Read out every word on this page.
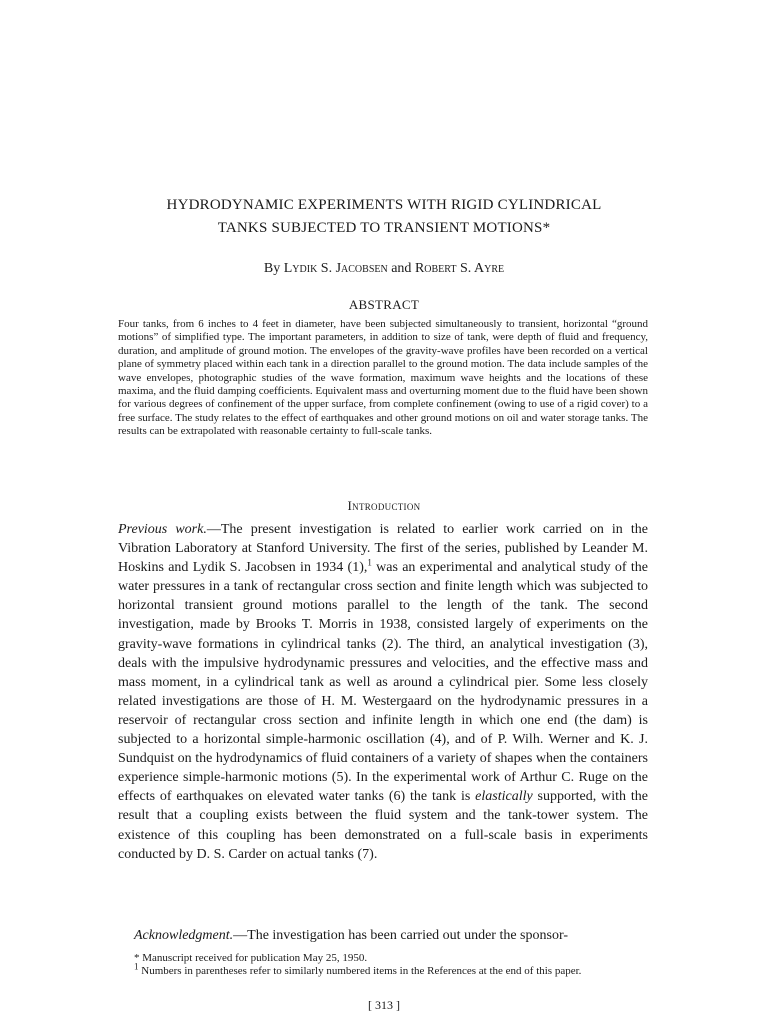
HYDRODYNAMIC EXPERIMENTS WITH RIGID CYLINDRICAL
TANKS SUBJECTED TO TRANSIENT MOTIONS*
By Lydik S. Jacobsen and Robert S. Ayre
ABSTRACT

Four tanks, from 6 inches to 4 feet in diameter, have been subjected simultaneously to transient, horizontal “ground motions” of simplified type. The important parameters, in addition to size of tank, were depth of fluid and frequency, duration, and amplitude of ground motion. The envelopes of the gravity-wave profiles have been recorded on a vertical plane of symmetry placed within each tank in a direction parallel to the ground motion. The data include samples of the wave envelopes, photographic studies of the wave formation, maximum wave heights and the locations of these maxima, and the fluid damping coefficients. Equivalent mass and overturning moment due to the fluid have been shown for various degrees of confinement of the upper surface, from complete confinement (owing to use of a rigid cover) to a free surface. The study relates to the effect of earthquakes and other ground motions on oil and water storage tanks. The results can be extrapolated with reasonable certainty to full-scale tanks.

Introduction

Previous work.—The present investigation is related to earlier work carried on in the Vibration Laboratory at Stanford University. The first of the series, published by Leander M. Hoskins and Lydik S. Jacobsen in 1934 (1),$^1$ was an experimental and analytical study of the water pressures in a tank of rectangular cross section and finite length which was subjected to horizontal transient ground motions parallel to the length of the tank. The second investigation, made by Brooks T. Morris in 1938, consisted largely of experiments on the gravity-wave formations in cylindrical tanks (2). The third, an analytical investigation (3), deals with the impulsive hydrodynamic pressures and velocities, and the effective mass and mass moment, in a cylindrical tank as well as around a cylindrical pier. Some less closely related investigations are those of H. M. Westergaard on the hydrodynamic pressures in a reservoir of rectangular cross section and infinite length in which one end (the dam) is subjected to a horizontal simple-harmonic oscillation (4), and of P. Wilh. Werner and K. J. Sundquist on the hydrodynamics of fluid containers of a variety of shapes when the containers experience simple-harmonic motions (5). In the experimental work of Arthur C. Ruge on the effects of earthquakes on elevated water tanks (6) the tank is elastically supported, with the result that a coupling exists between the fluid system and the tank-tower system. The existence of this coupling has been demonstrated on a full-scale basis in experiments conducted by D. S. Carder on actual tanks (7).

Acknowledgment.—The investigation has been carried out under the sponsor-

* Manuscript received for publication May 25, 1950.

$^1$ Numbers in parentheses refer to similarly numbered items in the References at the end of this paper.

[ 313 ]
